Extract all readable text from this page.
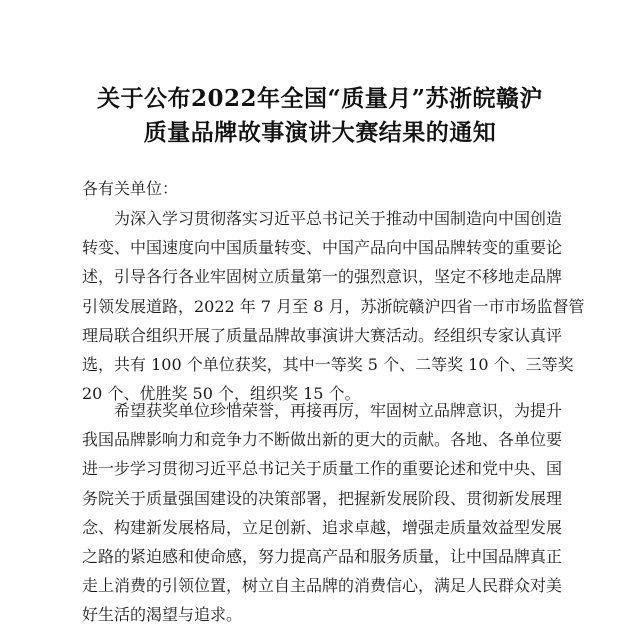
关于公布2022年全国“质量月”苏浙皖赣沪
质量品牌故事演讲大赛结果的通知
各有关单位：
为深入学习贯彻落实习近平总书记关于推动中国制造向中国创造
转变、中国速度向中国质量转变、中国产品向中国品牌转变的重要论
述，引导各行各业牢固树立质量第一的强烈意识，坚定不移地走品牌
引领发展道路，2022 年 7 月至 8 月，苏浙皖赣沪四省一市市场监督管
理局联合组织开展了质量品牌故事演讲大赛活动。经组织专家认真评
选，共有 100 个单位获奖，其中一等奖 5 个、二等奖 10 个、三等奖
20 个、优胜奖 50 个，组织奖 15 个。
希望获奖单位珍惜荣誉，再接再厉，牢固树立品牌意识，为提升
我国品牌影响力和竞争力不断做出新的更大的贡献。各地、各单位要
进一步学习贯彻习近平总书记关于质量工作的重要论述和党中央、国
务院关于质量强国建设的决策部署，把握新发展阶段、贯彻新发展理
念、构建新发展格局，立足创新、追求卓越，增强走质量效益型发展
之路的紧迫感和使命感，努力提高产品和服务质量，让中国品牌真正
走上消费的引领位置，树立自主品牌的消费信心，满足人民群众对美
好生活的渴望与追求。
